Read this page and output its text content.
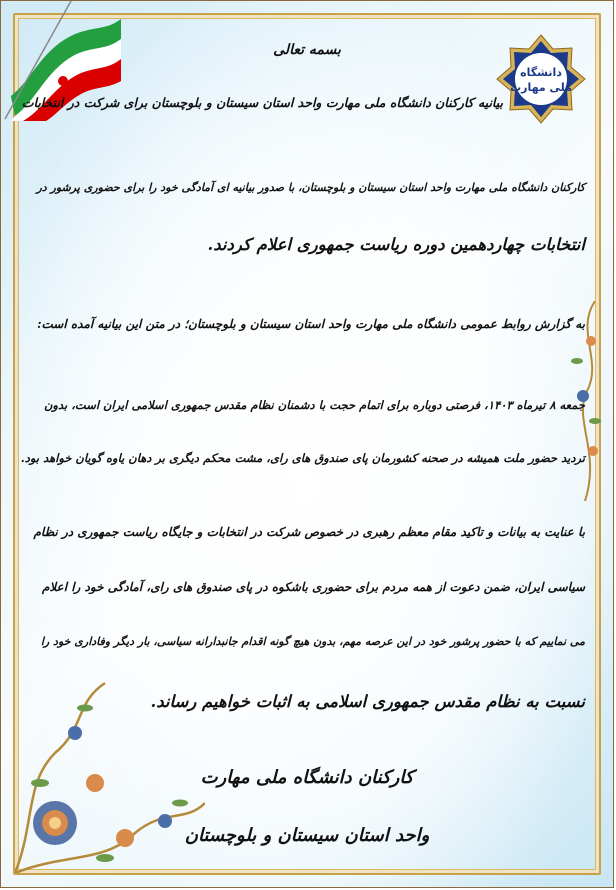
دانشگاه
ملی مهارت
بسمه تعالی
بیانیه کارکنان دانشگاه ملی مهارت واحد استان سیستان و بلوچستان برای شرکت در انتخابات
کارکنان دانشگاه ملی مهارت واحد استان سیستان و بلوچستان، با صدور بیانیه ای آمادگی خود را برای حضوری پرشور در
انتخابات چهاردهمین دوره ریاست جمهوری اعلام کردند.
به گزارش روابط عمومی دانشگاه ملی مهارت واحد استان سیستان و بلوچستان؛ در متن این بیانیه آمده است:
جمعه ۸ تیرماه ۱۴۰۳، فرصتی دوباره برای اتمام حجت با دشمنان نظام مقدس جمهوری اسلامی ایران است، بدون
تردید حضور ملت همیشه در صحنه کشورمان پای صندوق های رای، مشت محکم دیگری بر دهان یاوه گویان خواهد بود.
با عنایت به بیانات و تاکید مقام معظم رهبری در خصوص شرکت در انتخابات و جایگاه ریاست جمهوری در نظام
سیاسی ایران، ضمن دعوت از همه مردم برای حضوری باشکوه در پای صندوق های رای، آمادگی خود را اعلام
می نماییم که با حضور پرشور خود در این عرصه مهم، بدون هیچ گونه اقدام جانبدارانه سیاسی، بار دیگر وفاداری خود را
نسبت به نظام مقدس جمهوری اسلامی به اثبات خواهیم رساند.
کارکنان دانشگاه ملی مهارت
واحد استان سیستان و بلوچستان
